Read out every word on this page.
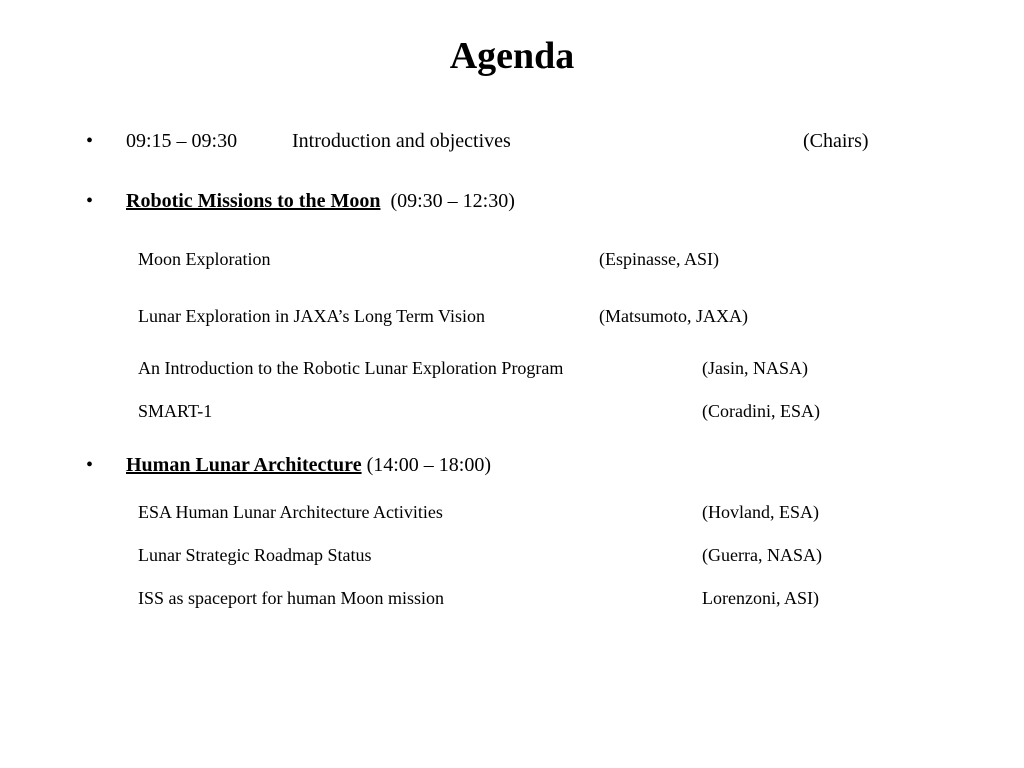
Agenda
• 09:15 – 09:30	Introduction and objectives	(Chairs)
• Robotic Missions to the Moon (09:30 – 12:30)
Moon Exploration	(Espinasse, ASI)
Lunar Exploration in JAXA’s Long Term Vision	(Matsumoto, JAXA)
An Introduction to the Robotic Lunar Exploration Program	(Jasin, NASA)
SMART-1	(Coradini, ESA)
• Human Lunar Architecture (14:00 – 18:00)
ESA Human Lunar Architecture Activities	(Hovland, ESA)
Lunar Strategic Roadmap Status	(Guerra, NASA)
ISS as spaceport for human Moon mission	Lorenzoni, ASI)
